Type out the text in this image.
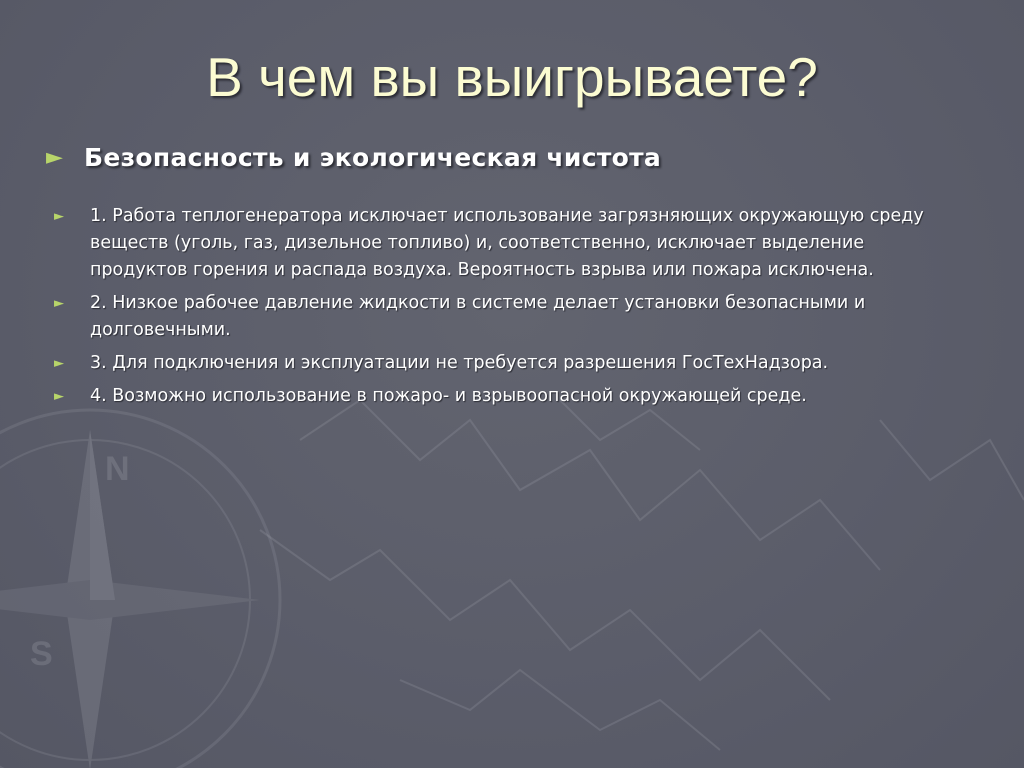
N
S
В чем вы выигрываете?
► Безопасность и экологическая чистота
►	1. Работа теплогенератора исключает использование загрязняющих окружающую среду веществ (уголь, газ, дизельное топливо) и, соответственно, исключает выделение продуктов горения и распада воздуха. Вероятность взрыва или пожара исключена.
►	2. Низкое рабочее давление жидкости в системе делает установки безопасными и долговечными.
►	3. Для подключения и эксплуатации не требуется разрешения ГосТехНадзора.
►	4. Возможно использование в пожаро- и взрывоопасной окружающей среде.
